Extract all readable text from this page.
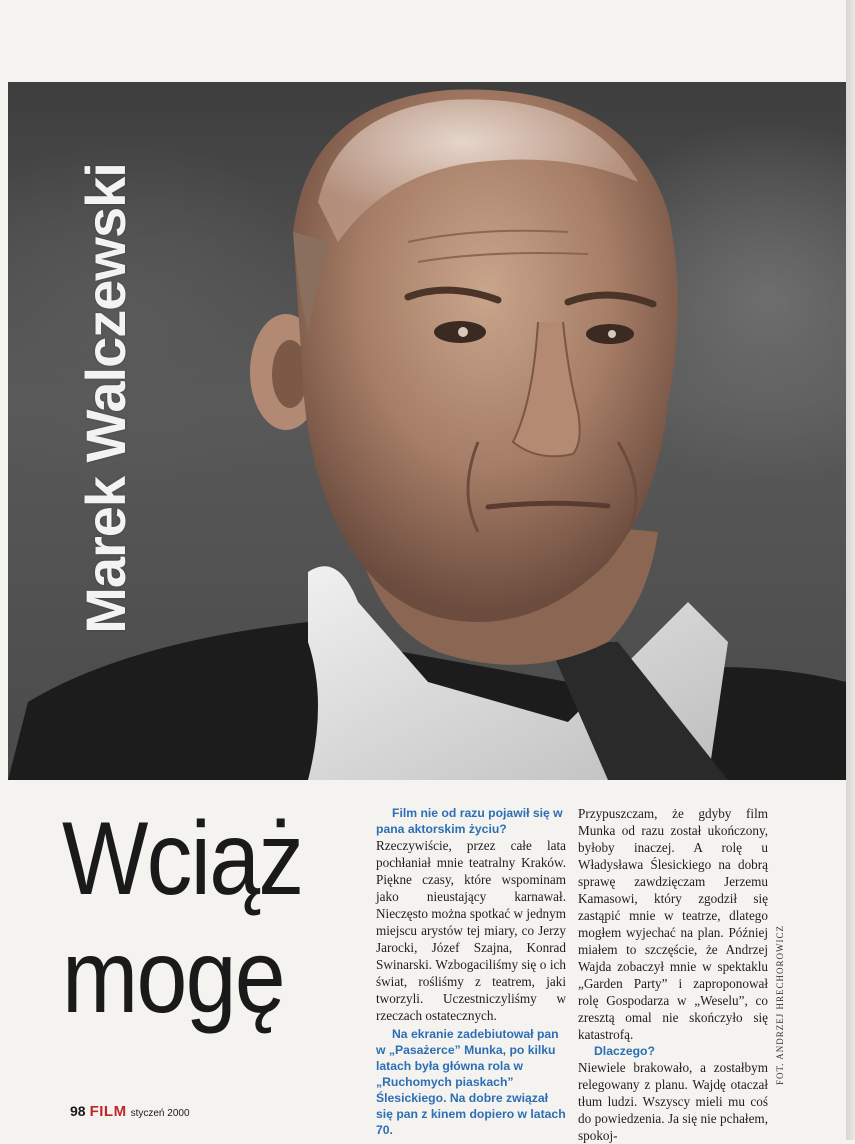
Marek Walczewski
Wciąż
mogę
Film nie od razu pojawił się w pana aktorskim życiu?
Rzeczywiście, przez całe lata pochłaniał mnie teatralny Kraków. Piękne czasy, które wspominam jako nieustający karnawał. Nieczęsto można spotkać w jednym miejscu arystów tej miary, co Jerzy Jarocki, Józef Szajna, Konrad Swinarski. Wzbogaciliśmy się o ich świat, rośliśmy z teatrem, jaki tworzyli. Uczestniczyliśmy w rzeczach ostatecznych.
Na ekranie zadebiutował pan w „Pasażerce” Munka, po kilku latach była główna rola w „Ruchomych piaskach” Ślesickiego. Na dobre związał się pan z kinem dopiero w latach 70.
Przypuszczam, że gdyby film Munka od razu został ukończony, byłoby inaczej. A rolę u Władysława Ślesickiego na dobrą sprawę zawdzięczam Jerzemu Kamasowi, który zgodził się zastąpić mnie w teatrze, dlatego mogłem wyjechać na plan. Później miałem to szczęście, że Andrzej Wajda zobaczył mnie w spektaklu „Garden Party” i zaproponował rolę Gospodarza w „Weselu”, co zresztą omal nie skończyło się katastrofą.
Dlaczego?
Niewiele brakowało, a zostałbym relegowany z planu. Wajdę otaczał tłum ludzi. Wszyscy mieli mu coś do powiedzenia. Ja się nie pchałem, spokoj-
FOT. ANDRZEJ HRECHOROWICZ
98 FILM styczeń 2000
